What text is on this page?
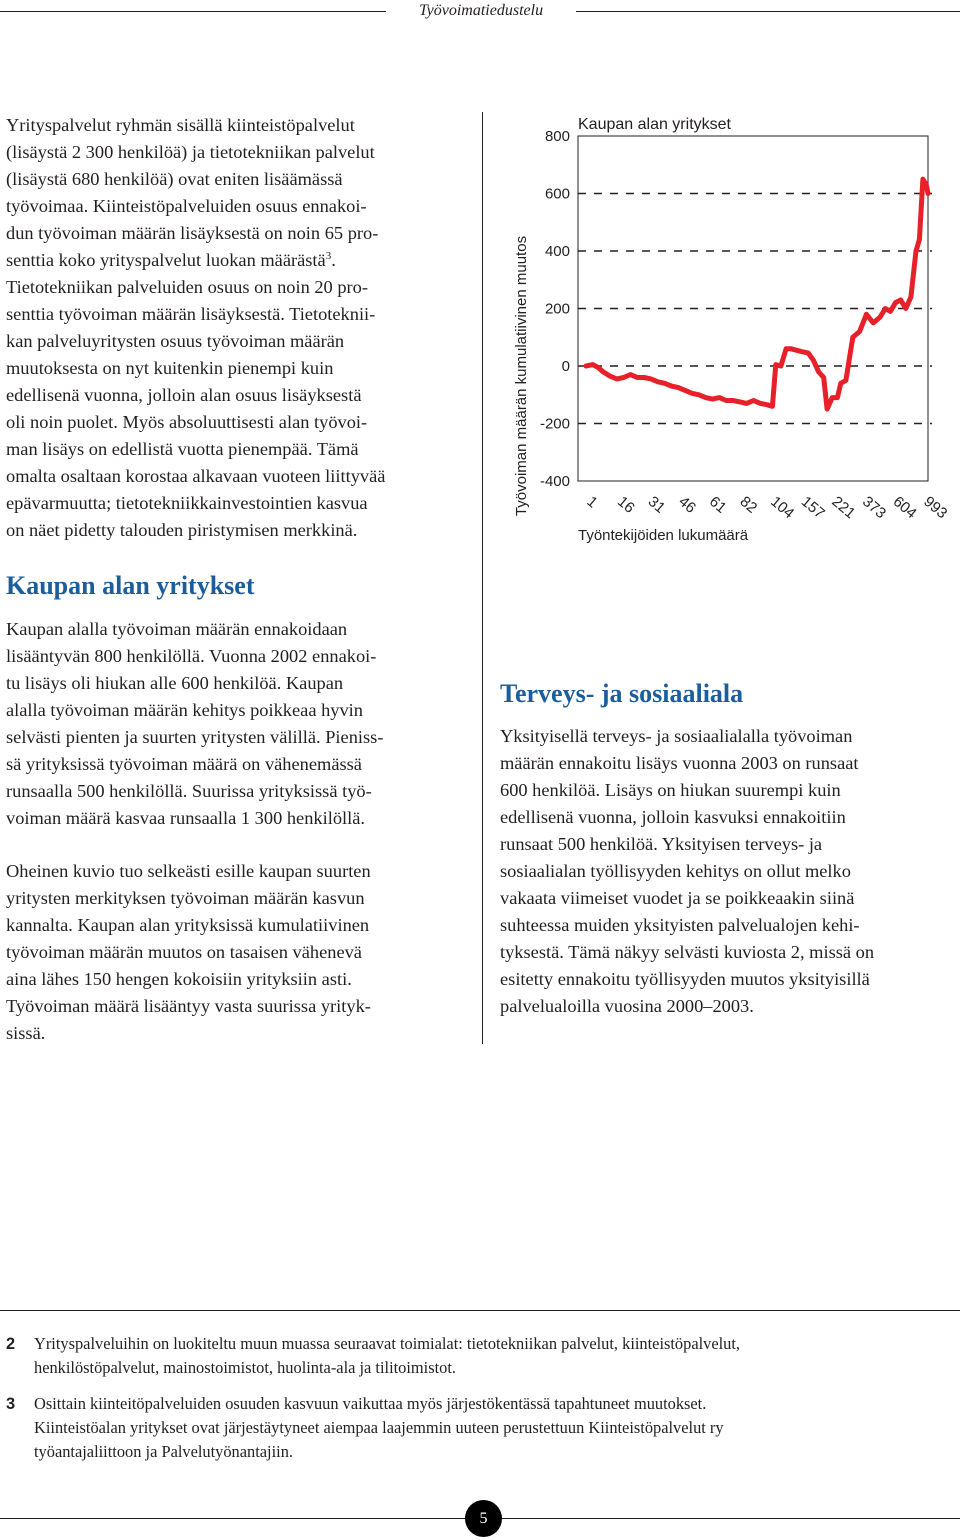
Työvoimatiedustelu

Yrityspalvelut ryhmän sisällä kiinteistöpalvelut

(lisäystä 2 300 henkilöä) ja tietotekniikan palvelut

(lisäystä 680 henkilöä) ovat eniten lisäämässä

työvoimaa. Kiinteistöpalveluiden osuus ennakoi-

dun työvoiman määrän lisäyksestä on noin 65 pro-

senttia koko yrityspalvelut luokan määrästä$^3$.

Tietotekniikan palveluiden osuus on noin 20 pro-

senttia työvoiman määrän lisäyksestä. Tietoteknii-

kan palveluyritysten osuus työvoiman määrän

muutoksesta on nyt kuitenkin pienempi kuin

edellisenä vuonna, jolloin alan osuus lisäyksestä

oli noin puolet. Myös absoluuttisesti alan työvoi-

man lisäys on edellistä vuotta pienempää. Tämä

omalta osaltaan korostaa alkavaan vuoteen liittyvää

epävarmuutta; tietotekniikkainvestointien kasvua

on näet pidetty talouden piristymisen merkkinä.

800
600
400
200
0
-200
-400
1 16 31 46 61 82 104 157 221 373 604 993
Kaupan alan yritykset
Työvoiman määrän kumulatiivinen muutos
Työntekijöiden lukumäärä
Kaupan alan yritykset

Kaupan alalla työvoiman määrän ennakoidaan

lisääntyvän 800 henkilöllä. Vuonna 2002 ennakoi-

tu lisäys oli hiukan alle 600 henkilöä. Kaupan

alalla työvoiman määrän kehitys poikkeaa hyvin

selvästi pienten ja suurten yritysten välillä. Pieniss-

sä yrityksissä työvoiman määrä on vähenemässä

runsaalla 500 henkilöllä. Suurissa yrityksissä työ-

voiman määrä kasvaa runsaalla 1 300 henkilöllä.

Oheinen kuvio tuo selkeästi esille kaupan suurten

yritysten merkityksen työvoiman määrän kasvun

kannalta. Kaupan alan yrityksissä kumulatiivinen

työvoiman määrän muutos on tasaisen vähenevä

aina lähes 150 hengen kokoisiin yrityksiin asti.

Työvoiman määrä lisääntyy vasta suurissa yrityk-

sissä.

Terveys- ja sosiaaliala

Yksityisellä terveys- ja sosiaalialalla työvoiman

määrän ennakoitu lisäys vuonna 2003 on runsaat

600 henkilöä. Lisäys on hiukan suurempi kuin

edellisenä vuonna, jolloin kasvuksi ennakoitiin

runsaat 500 henkilöä. Yksityisen terveys- ja

sosiaalialan työllisyyden kehitys on ollut melko

vakaata viimeiset vuodet ja se poikkeaakin siinä

suhteessa muiden yksityisten palvelualojen kehi-

tyksestä. Tämä näkyy selvästi kuviosta 2, missä on

esitetty ennakoitu työllisyyden muutos yksityisillä

palvelualoilla vuosina 2000–2003.

2 Yrityspalveluihin on luokiteltu muun muassa seuraavat toimialat: tietotekniikan palvelut, kiinteistöpalvelut,

henkilöstöpalvelut, mainostoimistot, huolinta-ala ja tilitoimistot.

3 Osittain kiinteitöpalveluiden osuuden kasvuun vaikuttaa myös järjestökentässä tapahtuneet muutokset.

Kiinteistöalan yritykset ovat järjestäytyneet aiempaa laajemmin uuteen perustettuun Kiinteistöpalvelut ry

työantajaliittoon ja Palvelutyönantajiin.

5
